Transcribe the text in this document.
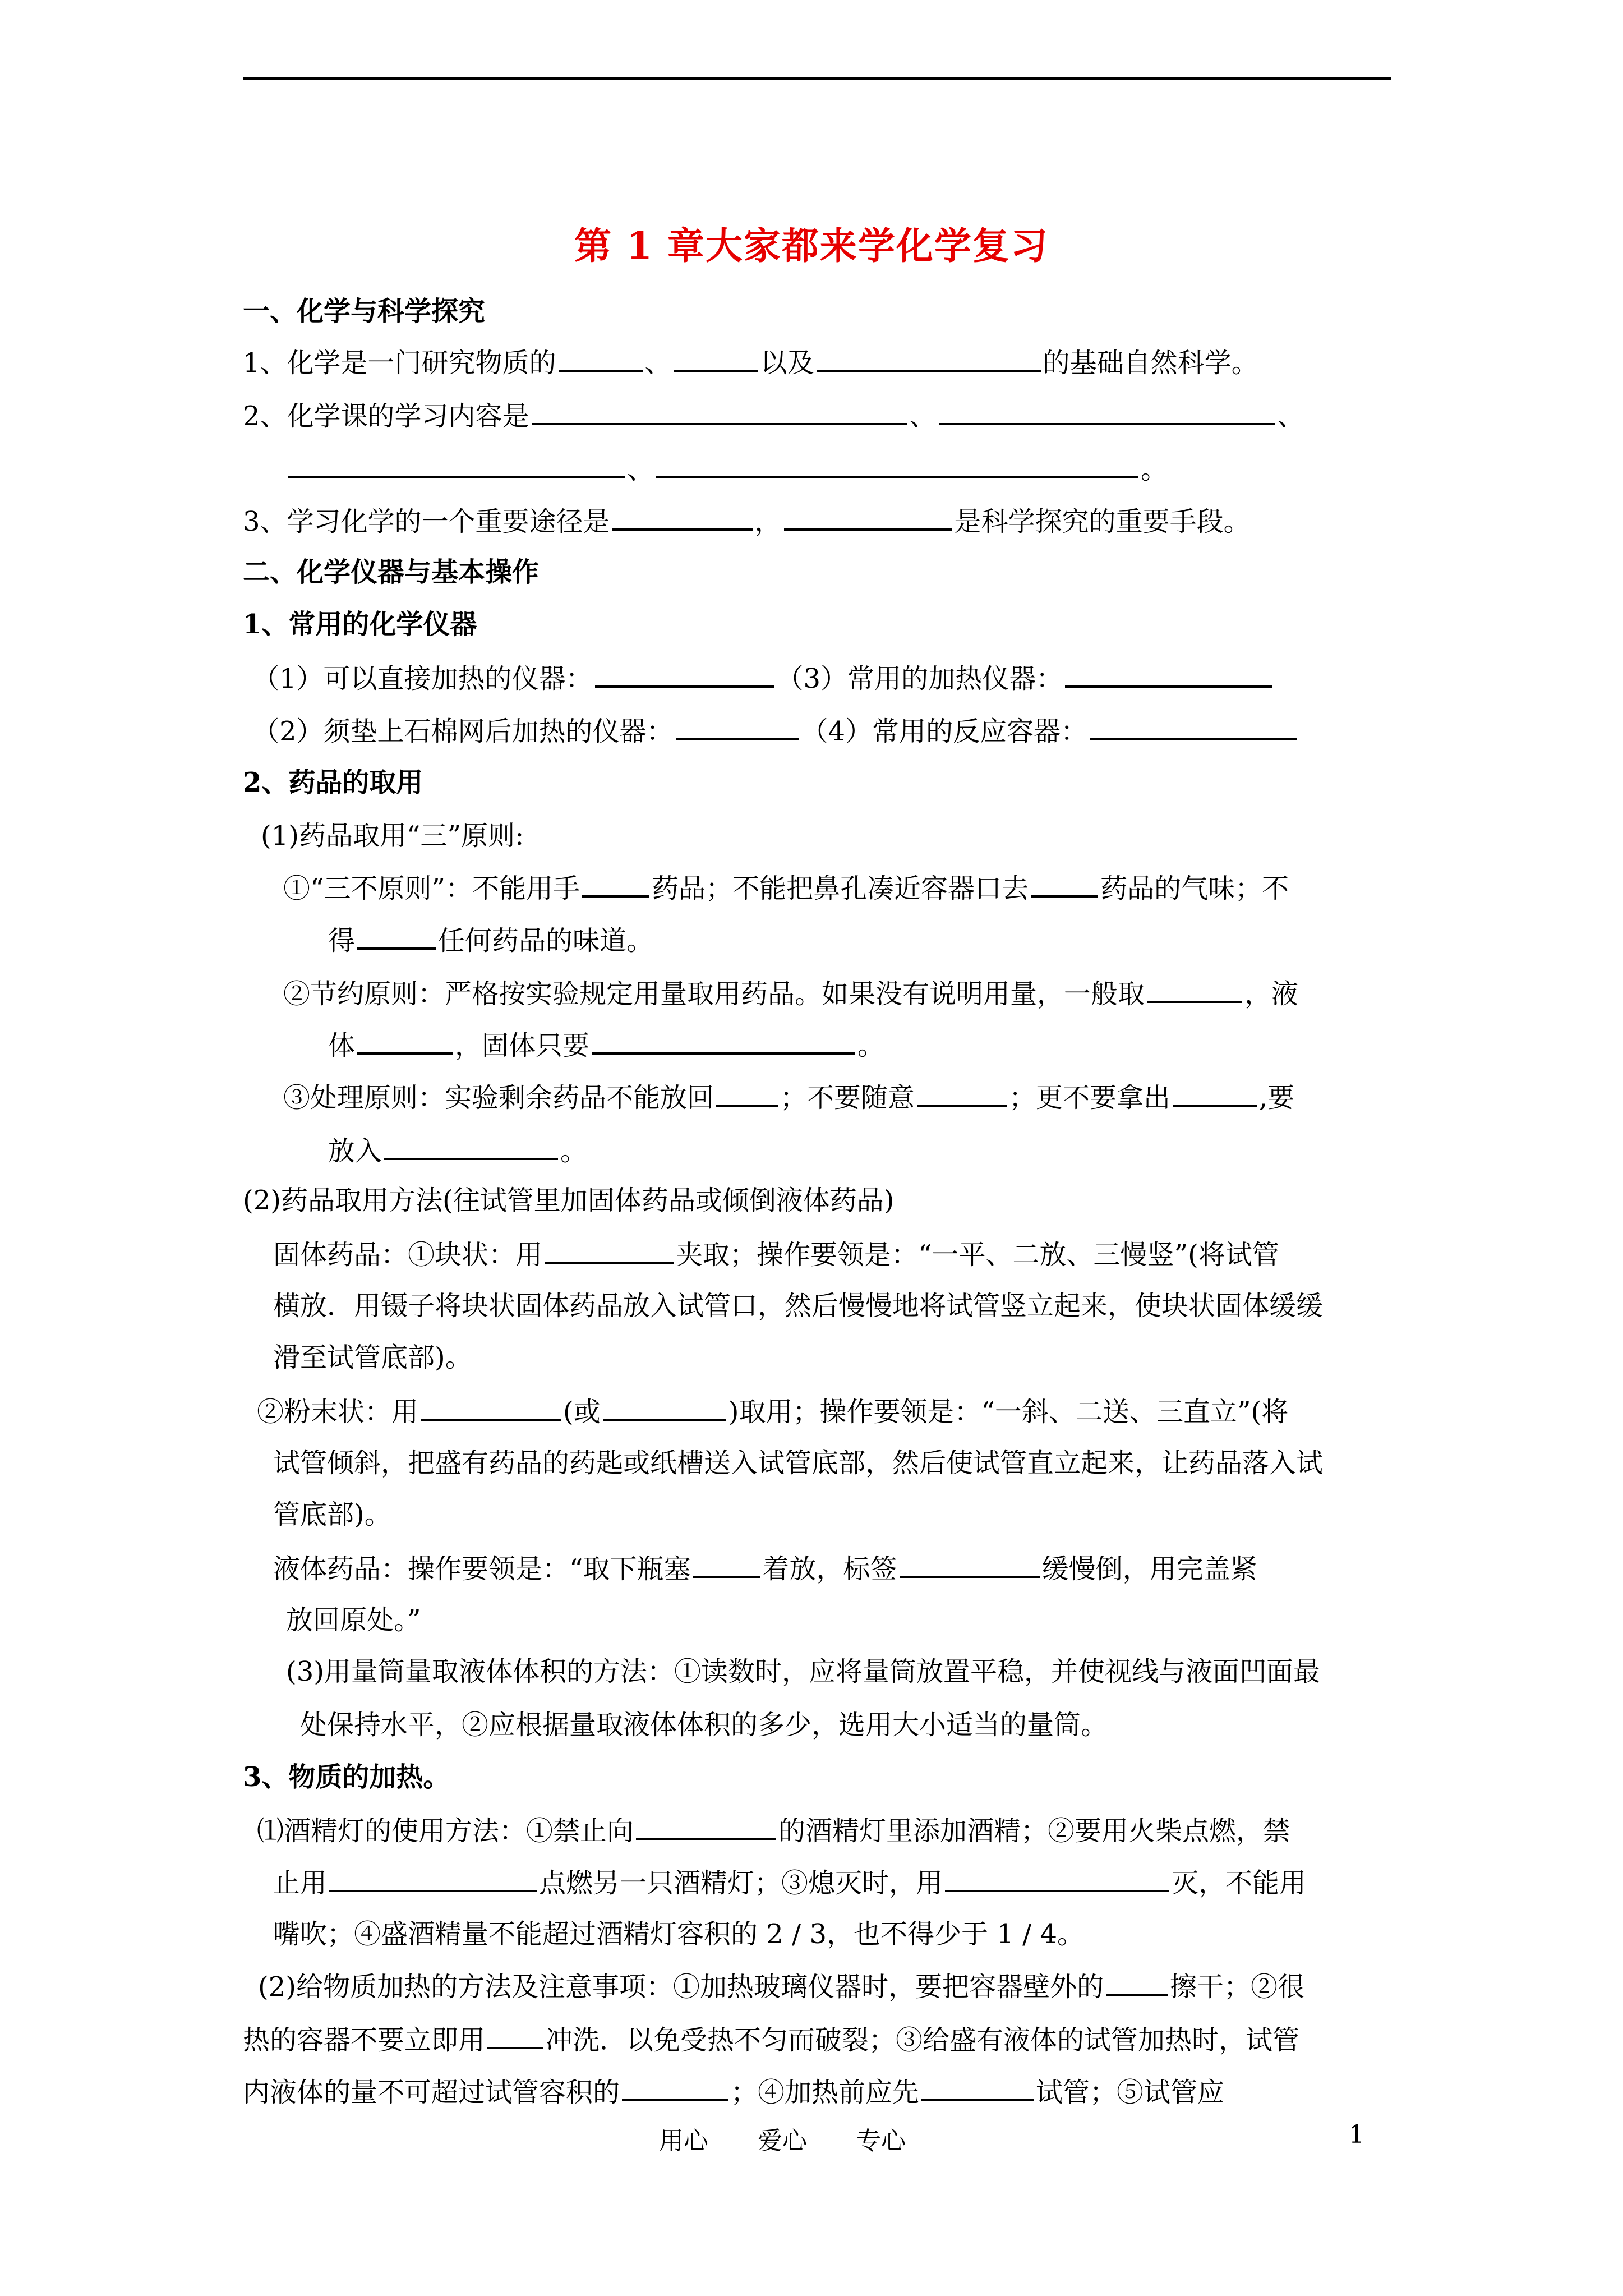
第 1 章大家都来学化学复习
一、化学与科学探究
1、化学是一门研究物质的	、	以及	的基础自然科学。
2、化学课的学习内容是	、	、
、	。
3、学习化学的一个重要途径是	，	是科学探究的重要手段。
二、化学仪器与基本操作
1、常用的化学仪器
（1）可以直接加热的仪器：	（3）常用的加热仪器：
（2）须垫上石棉网后加热的仪器：	（4）常用的反应容器：
2、药品的取用
(1)药品取用“三”原则:
①“三不原则”：不能用手	药品；不能把鼻孔凑近容器口去	药品的气味；不
得	任何药品的味道。
②节约原则：严格按实验规定用量取用药品。如果没有说明用量，一般取	，液
体	，固体只要	。
③处理原则：实验剩余药品不能放回 ；不要随意	；更不要拿出	,要
放入	。
(2)药品取用方法(往试管里加固体药品或倾倒液体药品)
固体药品：①块状：用	夹取；操作要领是：“一平、二放、三慢竖”(将试管
横放．用镊子将块状固体药品放入试管口，然后慢慢地将试管竖立起来，使块状固体缓缓
滑至试管底部)。
②粉末状：用	(或	)取用；操作要领是：“一斜、二送、三直立”(将
试管倾斜，把盛有药品的药匙或纸槽送入试管底部，然后使试管直立起来，让药品落入试
管底部)。
液体药品：操作要领是：“取下瓶塞	着放，标签	缓慢倒，用完盖紧
放回原处。”
(3)用量筒量取液体体积的方法：①读数时，应将量筒放置平稳，并使视线与液面凹面最
处保持水平，②应根据量取液体体积的多少，选用大小适当的量筒。
3、物质的加热。
⑴酒精灯的使用方法：①禁止向	的酒精灯里添加酒精；②要用火柴点燃，禁
止用	点燃另一只酒精灯；③熄灭时，用	灭，不能用
嘴吹；④盛酒精量不能超过酒精灯容积的 2 / 3，也不得少于 1 / 4。
(2)给物质加热的方法及注意事项：①加热玻璃仪器时，要把容器壁外的 擦干；②很
热的容器不要立即用 冲洗．以免受热不匀而破裂；③给盛有液体的试管加热时，试管
内液体的量不可超过试管容积的	；④加热前应先	试管；⑤试管应
用心　　爱心　　专心	1
